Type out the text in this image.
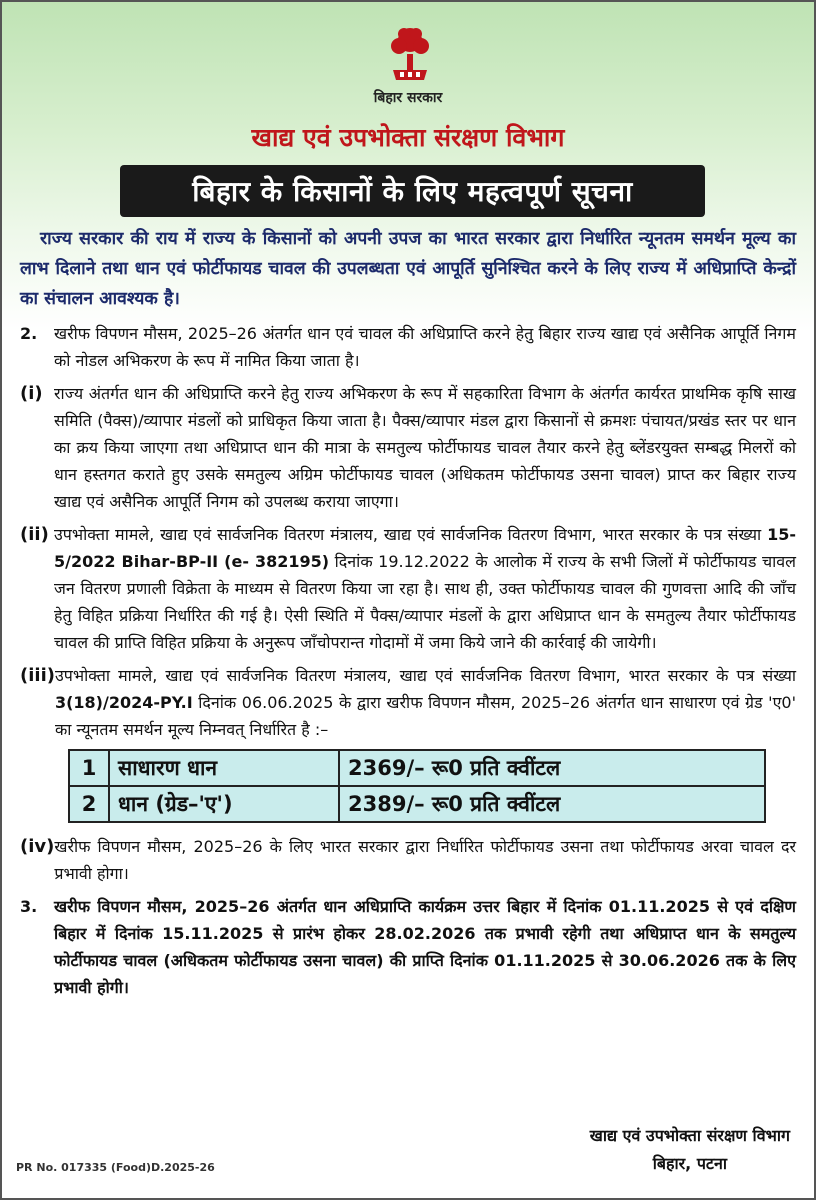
बिहार सरकार
खाद्य एवं उपभोक्ता संरक्षण विभाग
बिहार के किसानों के लिए महत्वपूर्ण सूचना

राज्य सरकार की राय में राज्य के किसानों को अपनी उपज का भारत सरकार द्वारा निर्धारित न्यूनतम समर्थन मूल्य का लाभ दिलाने तथा धान एवं फोर्टीफायड चावल की उपलब्धता एवं आपूर्ति सुनिश्चित करने के लिए राज्य में अधिप्राप्ति केन्द्रों का संचालन आवश्यक है।

2.	खरीफ विपणन मौसम, 2025–26 अंतर्गत धान एवं चावल की अधिप्राप्ति करने हेतु बिहार राज्य खाद्य एवं असैनिक आपूर्ति निगम को नोडल अभिकरण के रूप में नामित किया जाता है।
(i) राज्य अंतर्गत धान की अधिप्राप्ति करने हेतु राज्य अभिकरण के रूप में सहकारिता विभाग के अंतर्गत कार्यरत प्राथमिक कृषि साख समिति (पैक्स)/व्यापार मंडलों को प्राधिकृत किया जाता है। पैक्स/व्यापार मंडल द्वारा किसानों से क्रमशः पंचायत/प्रखंड स्तर पर धान का क्रय किया जाएगा तथा अधिप्राप्त धान की मात्रा के समतुल्य फोर्टीफायड चावल तैयार करने हेतु ब्लेंडरयुक्त सम्बद्ध मिलरों को धान हस्तगत कराते हुए उसके समतुल्य अग्रिम फोर्टीफायड चावल (अधिकतम फोर्टीफायड उसना चावल) प्राप्त कर बिहार राज्य खाद्य एवं असैनिक आपूर्ति निगम को उपलब्ध कराया जाएगा।
(ii) उपभोक्ता मामले, खाद्य एवं सार्वजनिक वितरण मंत्रालय, खाद्य एवं सार्वजनिक वितरण विभाग, भारत सरकार के पत्र संख्या 15-5/2022 Bihar-BP-II (e- 382195) दिनांक 19.12.2022 के आलोक में राज्य के सभी जिलों में फोर्टीफायड चावल जन वितरण प्रणाली विक्रेता के माध्यम से वितरण किया जा रहा है। साथ ही, उक्त फोर्टीफायड चावल की गुणवत्ता आदि की जाँच हेतु विहित प्रक्रिया निर्धारित की गई है। ऐसी स्थिति में पैक्स/व्यापार मंडलों के द्वारा अधिप्राप्त धान के समतुल्य तैयार फोर्टीफायड चावल की प्राप्ति विहित प्रक्रिया के अनुरूप जाँचोपरान्त गोदामों में जमा किये जाने की कार्रवाई की जायेगी।
(iii) उपभोक्ता मामले, खाद्य एवं सार्वजनिक वितरण मंत्रालय, खाद्य एवं सार्वजनिक वितरण विभाग, भारत सरकार के पत्र संख्या 3(18)/2024-PY.I दिनांक 06.06.2025 के द्वारा खरीफ विपणन मौसम, 2025–26 अंतर्गत धान साधारण एवं ग्रेड 'ए0' का न्यूनतम समर्थन मूल्य निम्नवत् निर्धारित है :–
1	साधारण धान	2369/– रू0 प्रति क्वींटल
2	धान (ग्रेड–'ए')	2389/– रू0 प्रति क्वींटल
(iv) खरीफ विपणन मौसम, 2025–26 के लिए भारत सरकार द्वारा निर्धारित फोर्टीफायड उसना तथा फोर्टीफायड अरवा चावल दर प्रभावी होगा।
3.	खरीफ विपणन मौसम, 2025–26 अंतर्गत धान अधिप्राप्ति कार्यक्रम उत्तर बिहार में दिनांक 01.11.2025 से एवं दक्षिण बिहार में दिनांक 15.11.2025 से प्रारंभ होकर 28.02.2026 तक प्रभावी रहेगी तथा अधिप्राप्त धान के समतुल्य फोर्टीफायड चावल (अधिकतम फोर्टीफायड उसना चावल) की प्राप्ति दिनांक 01.11.2025 से 30.06.2026 तक के लिए प्रभावी होगी।
खाद्य एवं उपभोक्ता संरक्षण विभाग
बिहार, पटना
PR No. 017335 (Food)D.2025-26
